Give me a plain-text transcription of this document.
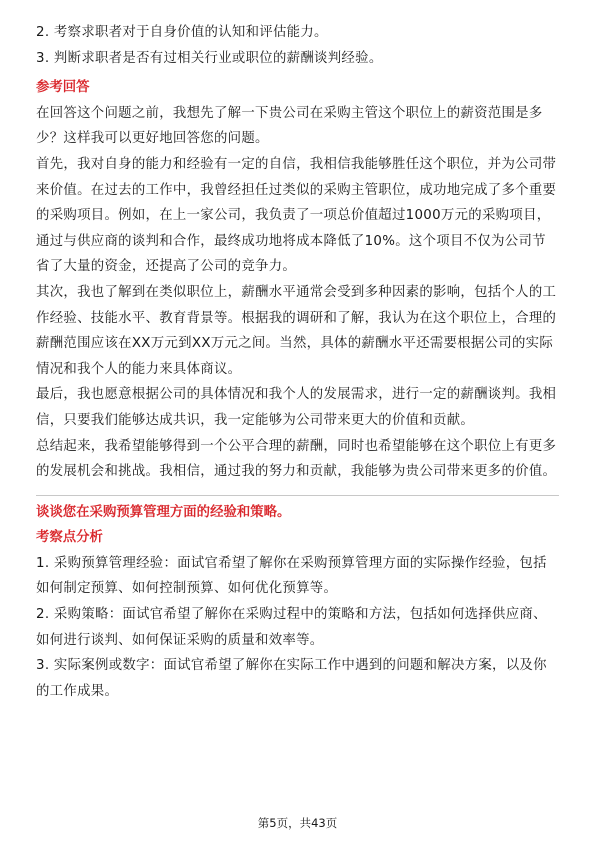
2. 考察求职者对于自身价值的认知和评估能力。

3. 判断求职者是否有过相关行业或职位的薪酬谈判经验。

参考回答

在回答这个问题之前，我想先了解一下贵公司在采购主管这个职位上的薪资范围是多少？这样我可以更好地回答您的问题。

首先，我对自身的能力和经验有一定的自信，我相信我能够胜任这个职位，并为公司带来价值。在过去的工作中，我曾经担任过类似的采购主管职位，成功地完成了多个重要的采购项目。例如，在上一家公司，我负责了一项总价值超过1000万元的采购项目，通过与供应商的谈判和合作，最终成功地将成本降低了10%。这个项目不仅为公司节省了大量的资金，还提高了公司的竞争力。

其次，我也了解到在类似职位上，薪酬水平通常会受到多种因素的影响，包括个人的工作经验、技能水平、教育背景等。根据我的调研和了解，我认为在这个职位上，合理的薪酬范围应该在XX万元到XX万元之间。当然，具体的薪酬水平还需要根据公司的实际情况和我个人的能力来具体商议。

最后，我也愿意根据公司的具体情况和我个人的发展需求，进行一定的薪酬谈判。我相信，只要我们能够达成共识，我一定能够为公司带来更大的价值和贡献。

总结起来，我希望能够得到一个公平合理的薪酬，同时也希望能够在这个职位上有更多的发展机会和挑战。我相信，通过我的努力和贡献，我能够为贵公司带来更多的价值。

谈谈您在采购预算管理方面的经验和策略。

考察点分析

1. 采购预算管理经验：面试官希望了解你在采购预算管理方面的实际操作经验，包括如何制定预算、如何控制预算、如何优化预算等。

2. 采购策略：面试官希望了解你在采购过程中的策略和方法，包括如何选择供应商、如何进行谈判、如何保证采购的质量和效率等。

3. 实际案例或数字：面试官希望了解你在实际工作中遇到的问题和解决方案，以及你的工作成果。

第5页，共43页
